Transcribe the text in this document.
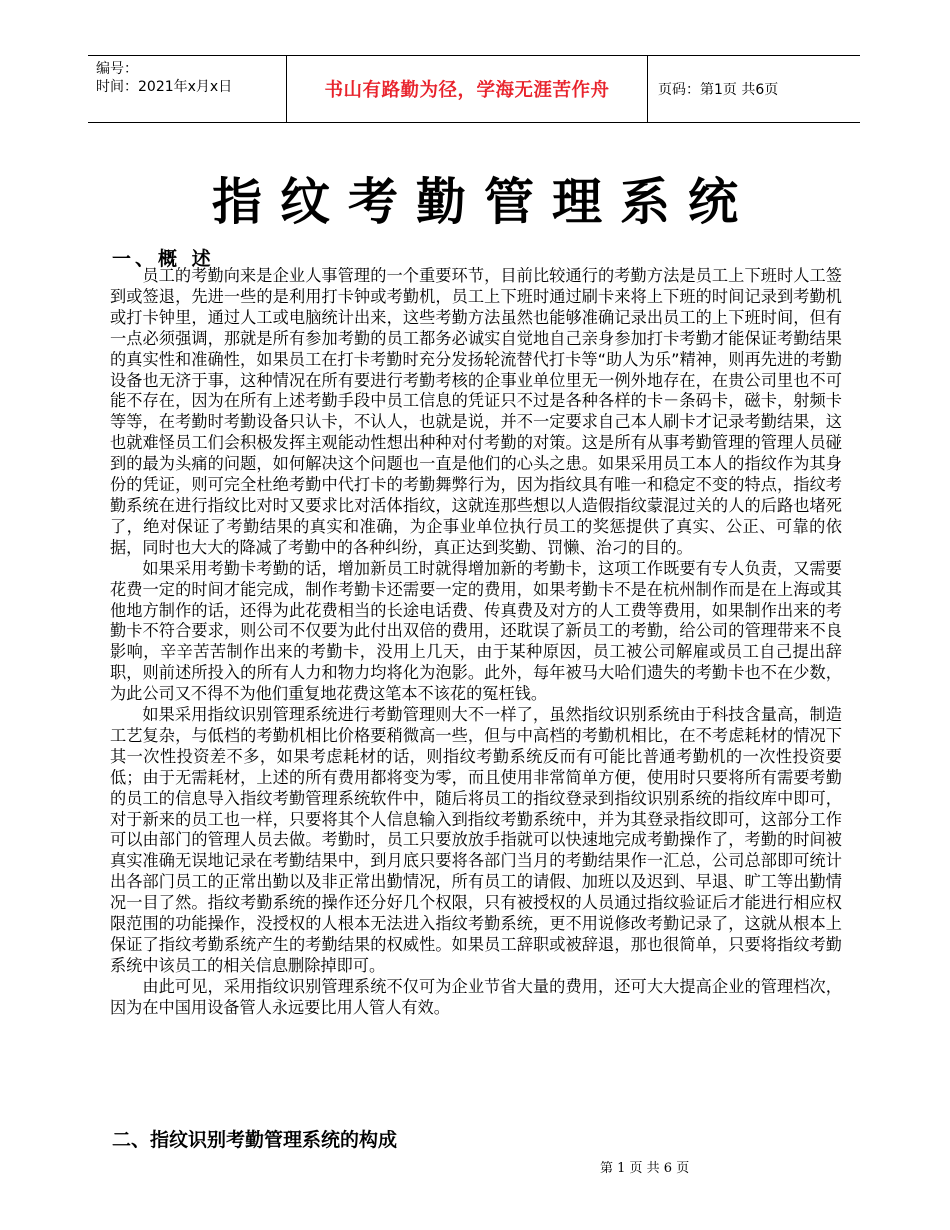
编号：
时间：2021年x月x日	书山有路勤为径，学海无涯苦作舟	页码：第1页 共6页
指纹考勤管理系统
一、概 述

员工的考勤向来是企业人事管理的一个重要环节，目前比较通行的考勤方法是员工上下班时人工签到或签退，先进一些的是利用打卡钟或考勤机，员工上下班时通过刷卡来将上下班的时间记录到考勤机或打卡钟里，通过人工或电脑统计出来，这些考勤方法虽然也能够准确记录出员工的上下班时间，但有一点必须强调，那就是所有参加考勤的员工都务必诚实自觉地自己亲身参加打卡考勤才能保证考勤结果的真实性和准确性，如果员工在打卡考勤时充分发扬轮流替代打卡等“助人为乐”精神，则再先进的考勤设备也无济于事，这种情况在所有要进行考勤考核的企事业单位里无一例外地存在，在贵公司里也不可能不存在，因为在所有上述考勤手段中员工信息的凭证只不过是各种各样的卡－条码卡，磁卡，射频卡等等，在考勤时考勤设备只认卡，不认人，也就是说，并不一定要求自己本人刷卡才记录考勤结果，这也就难怪员工们会积极发挥主观能动性想出种种对付考勤的对策。这是所有从事考勤管理的管理人员碰到的最为头痛的问题，如何解决这个问题也一直是他们的心头之患。如果采用员工本人的指纹作为其身份的凭证，则可完全杜绝考勤中代打卡的考勤舞弊行为，因为指纹具有唯一和稳定不变的特点，指纹考勤系统在进行指纹比对时又要求比对活体指纹，这就连那些想以人造假指纹蒙混过关的人的后路也堵死了，绝对保证了考勤结果的真实和准确，为企事业单位执行员工的奖惩提供了真实、公正、可靠的依据，同时也大大的降减了考勤中的各种纠纷，真正达到奖勤、罚懒、治刁的目的。

如果采用考勤卡考勤的话，增加新员工时就得增加新的考勤卡，这项工作既要有专人负责，又需要花费一定的时间才能完成，制作考勤卡还需要一定的费用，如果考勤卡不是在杭州制作而是在上海或其他地方制作的话，还得为此花费相当的长途电话费、传真费及对方的人工费等费用，如果制作出来的考勤卡不符合要求，则公司不仅要为此付出双倍的费用，还耽误了新员工的考勤，给公司的管理带来不良影响，辛辛苦苦制作出来的考勤卡，没用上几天，由于某种原因，员工被公司解雇或员工自己提出辞职，则前述所投入的所有人力和物力均将化为泡影。此外，每年被马大哈们遗失的考勤卡也不在少数，为此公司又不得不为他们重复地花费这笔本不该花的冤枉钱。

如果采用指纹识别管理系统进行考勤管理则大不一样了，虽然指纹识别系统由于科技含量高，制造工艺复杂，与低档的考勤机相比价格要稍微高一些，但与中高档的考勤机相比，在不考虑耗材的情况下其一次性投资差不多，如果考虑耗材的话，则指纹考勤系统反而有可能比普通考勤机的一次性投资要低；由于无需耗材，上述的所有费用都将变为零，而且使用非常简单方便，使用时只要将所有需要考勤的员工的信息导入指纹考勤管理系统软件中，随后将员工的指纹登录到指纹识别系统的指纹库中即可，对于新来的员工也一样，只要将其个人信息输入到指纹考勤系统中，并为其登录指纹即可，这部分工作可以由部门的管理人员去做。考勤时，员工只要放放手指就可以快速地完成考勤操作了，考勤的时间被真实准确无误地记录在考勤结果中，到月底只要将各部门当月的考勤结果作一汇总，公司总部即可统计出各部门员工的正常出勤以及非正常出勤情况，所有员工的请假、加班以及迟到、早退、旷工等出勤情况一目了然。指纹考勤系统的操作还分好几个权限，只有被授权的人员通过指纹验证后才能进行相应权限范围的功能操作，没授权的人根本无法进入指纹考勤系统，更不用说修改考勤记录了，这就从根本上保证了指纹考勤系统产生的考勤结果的权威性。如果员工辞职或被辞退，那也很简单，只要将指纹考勤系统中该员工的相关信息删除掉即可。

由此可见，采用指纹识别管理系统不仅可为企业节省大量的费用，还可大大提高企业的管理档次，因为在中国用设备管人永远要比用人管人有效。

二、指纹识别考勤管理系统的构成
第 1 页 共 6 页
